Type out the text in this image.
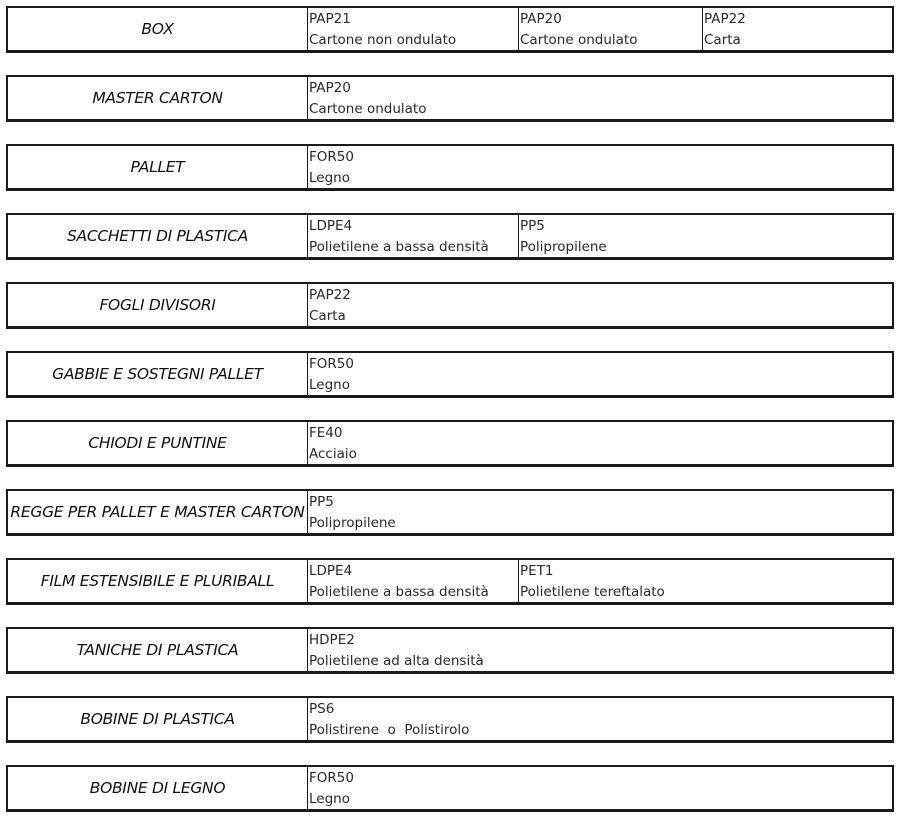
BOX
PAP21
Cartone non ondulato
PAP20
Cartone ondulato
PAP22
Carta
MASTER CARTON
PAP20
Cartone ondulato
PALLET
FOR50
Legno
SACCHETTI DI PLASTICA
LDPE4
Polietilene a bassa densità
PP5
Polipropilene
FOGLI DIVISORI
PAP22
Carta
GABBIE E SOSTEGNI PALLET
FOR50
Legno
CHIODI E PUNTINE
FE40
Acciaio
REGGE PER PALLET E MASTER CARTON
PP5
Polipropilene
FILM ESTENSIBILE E PLURIBALL
LDPE4
Polietilene a bassa densità
PET1
Polietilene tereftalato
TANICHE DI PLASTICA
HDPE2
Polietilene ad alta densità
BOBINE DI PLASTICA
PS6
Polistirene  o  Polistirolo
BOBINE DI LEGNO
FOR50
Legno
